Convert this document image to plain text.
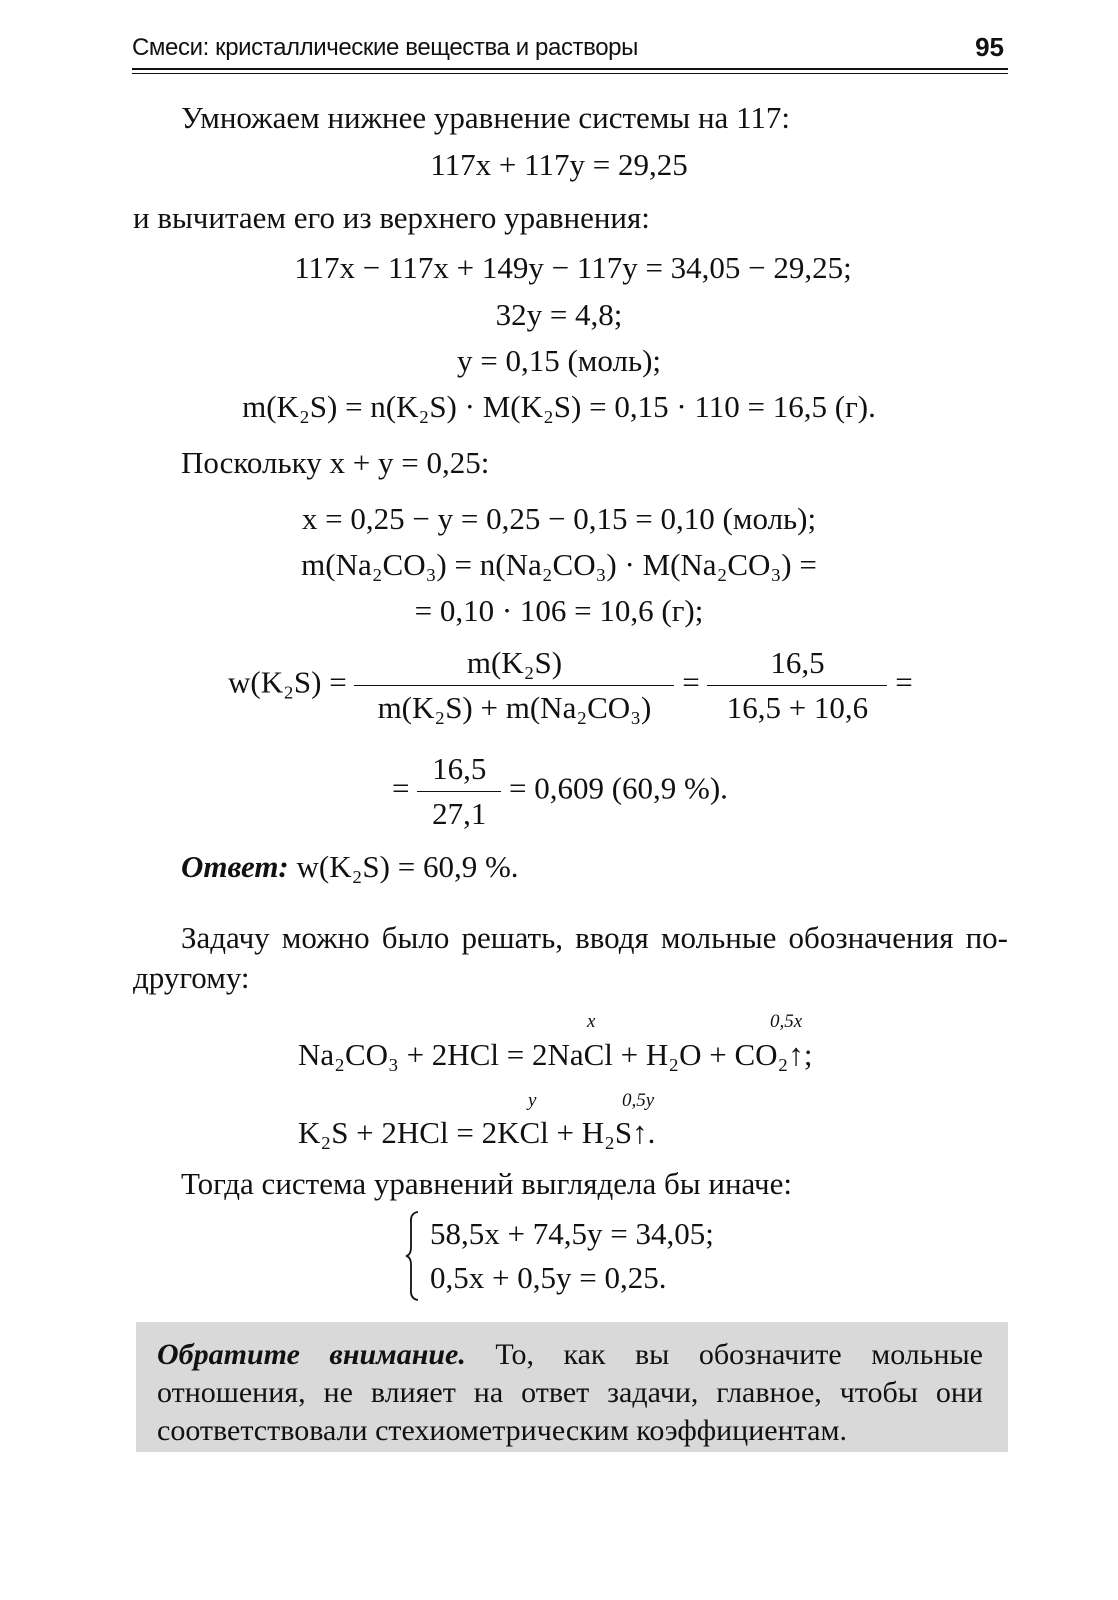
Смеси: кристаллические вещества и растворы	95
Умножаем нижнее уравнение системы на 117:
117x + 117y = 29,25
и вычитаем его из верхнего уравнения:
117x − 117x + 149y − 117y = 34,05 − 29,25;
32y = 4,8;
y = 0,15 (моль);
m(K₂S) = n(K₂S) · M(K₂S) = 0,15 · 110 = 16,5 (г).
Поскольку x + y = 0,25:
x = 0,25 − y = 0,25 − 0,15 = 0,10 (моль);
m(Na₂CO₃) = n(Na₂CO₃) · M(Na₂CO₃) =
= 0,10 · 106 = 10,6 (г);
$w(K_2S) = \frac{\text{m(K₂S)}}{\text{m(K₂S) + m(Na₂CO₃)}} = \frac{16,5}{16,5 + 10,6}$ =
= $\frac{16,5}{27,1} = 0,609$ (60,9 %).
Ответ: w(K₂S) = 60,9 %.
Задачу можно было решать, вводя мольные обозначения по-другому:
x	0,5x
Na₂CO₃ + 2HCl = 2NaCl + H₂O + CO₂↑;
y	0,5y
K₂S + 2HCl = 2KCl + H₂S↑.
Тогда система уравнений выглядела бы иначе:
58,5x + 74,5y = 34,05;
0,5x + 0,5y = 0,25.
Обратите внимание. То, как вы обозначите мольные отношения, не влияет на ответ задачи, главное, чтобы они соответствовали стехиометрическим коэффициентам.
